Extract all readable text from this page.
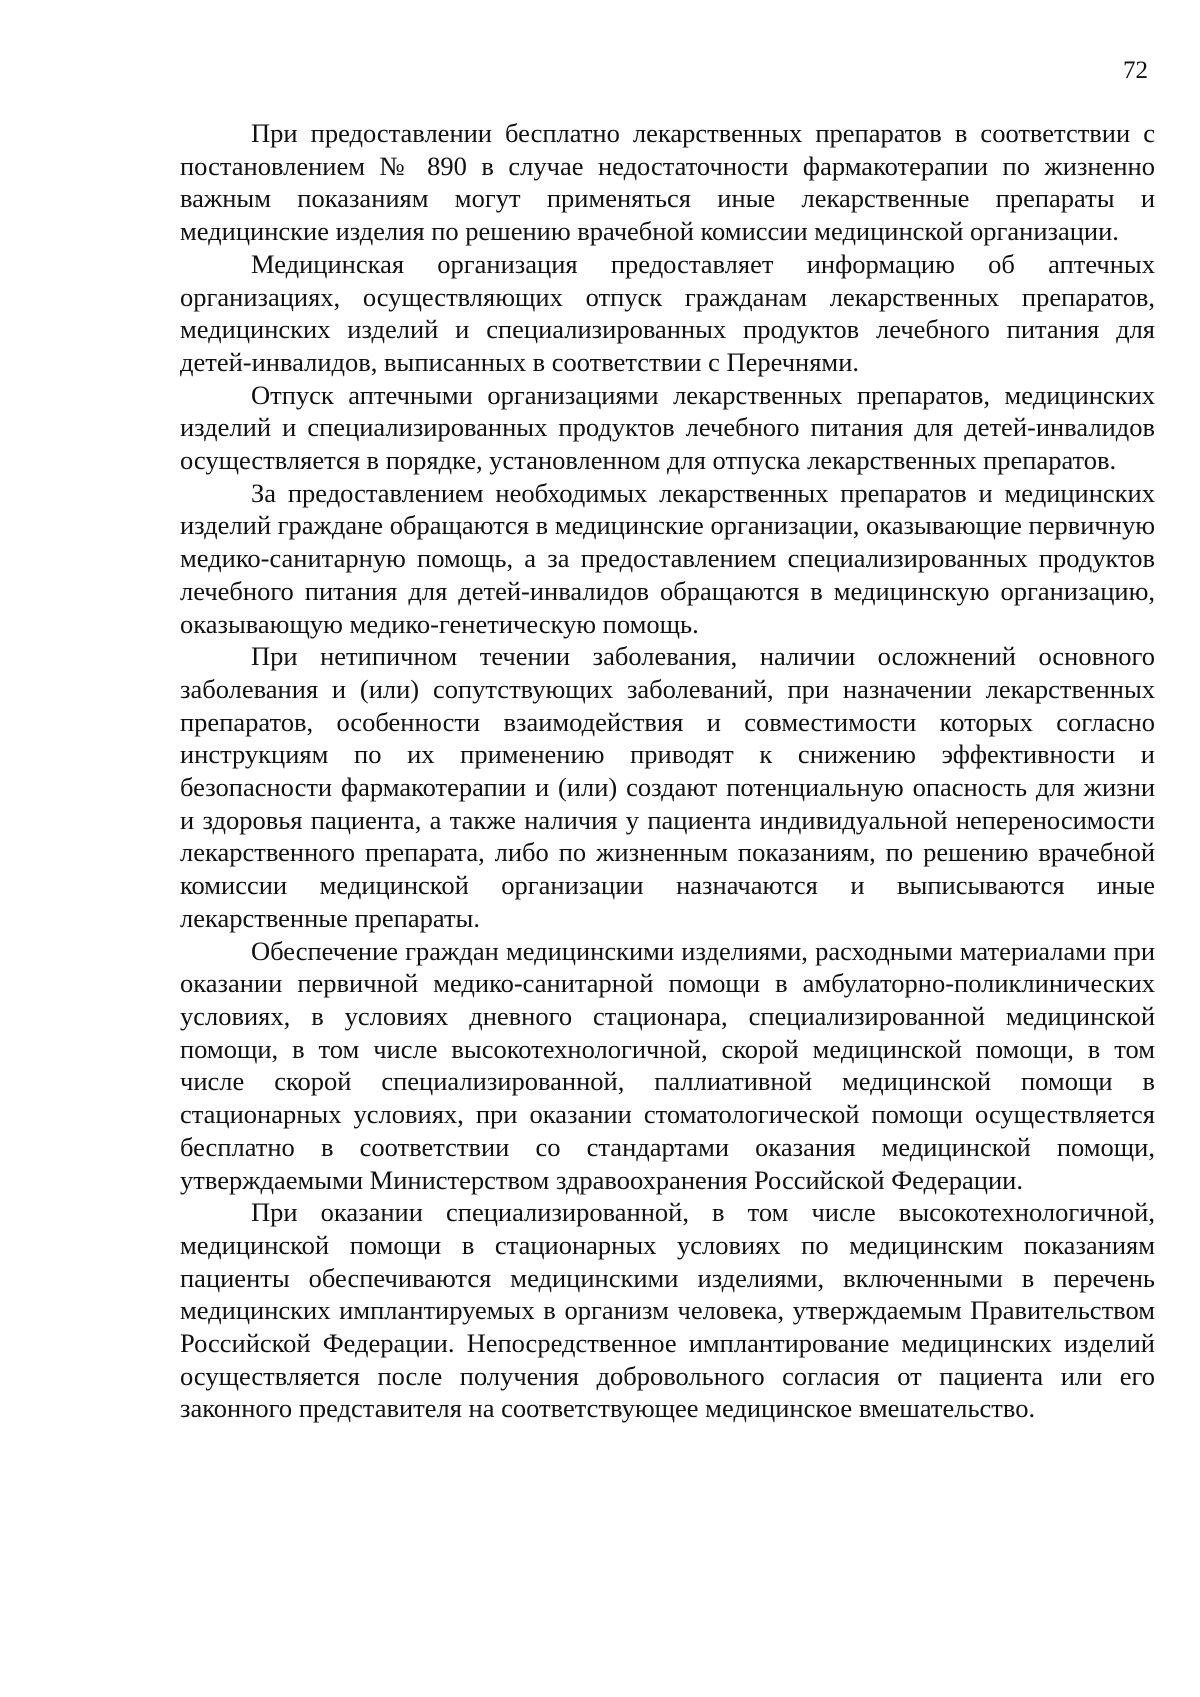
72

При предоставлении бесплатно лекарственных препаратов в соответствии с постановлением № 890 в случае недостаточности фармакотерапии по жизненно важным показаниям могут применяться иные лекарственные препараты и медицинские изделия по решению врачебной комиссии медицинской организации.

Медицинская организация предоставляет информацию об аптечных организациях, осуществляющих отпуск гражданам лекарственных препаратов, медицинских изделий и специализированных продуктов лечебного питания для детей-инвалидов, выписанных в соответствии с Перечнями.

Отпуск аптечными организациями лекарственных препаратов, медицинских изделий и специализированных продуктов лечебного питания для детей-инвалидов осуществляется в порядке, установленном для отпуска лекарственных препаратов.

За предоставлением необходимых лекарственных препаратов и медицинских изделий граждане обращаются в медицинские организации, оказывающие первичную медико-санитарную помощь, а за предоставлением специализированных продуктов лечебного питания для детей-инвалидов обращаются в медицинскую организацию, оказывающую медико-генетическую помощь.

При нетипичном течении заболевания, наличии осложнений основного заболевания и (или) сопутствующих заболеваний, при назначении лекарственных препаратов, особенности взаимодействия и совместимости которых согласно инструкциям по их применению приводят к снижению эффективности и безопасности фармакотерапии и (или) создают потенциальную опасность для жизни и здоровья пациента, а также наличия у пациента индивидуальной непереносимости лекарственного препарата, либо по жизненным показаниям, по решению врачебной комиссии медицинской организации назначаются и выписываются иные лекарственные препараты.

Обеспечение граждан медицинскими изделиями, расходными материалами при оказании первичной медико-санитарной помощи в амбулаторно-поликлинических условиях, в условиях дневного стационара, специализированной медицинской помощи, в том числе высокотехнологичной, скорой медицинской помощи, в том числе скорой специализированной, паллиативной медицинской помощи в стационарных условиях, при оказании стоматологической помощи осуществляется бесплатно в соответствии со стандартами оказания медицинской помощи, утверждаемыми Министерством здравоохранения Российской Федерации.

При оказании специализированной, в том числе высокотехнологичной, медицинской помощи в стационарных условиях по медицинским показаниям пациенты обеспечиваются медицинскими изделиями, включенными в перечень медицинских имплантируемых в организм человека, утверждаемым Правительством Российской Федерации. Непосредственное имплантирование медицинских изделий осуществляется после получения добровольного согласия от пациента или его законного представителя на соответствующее медицинское вмешательство.
